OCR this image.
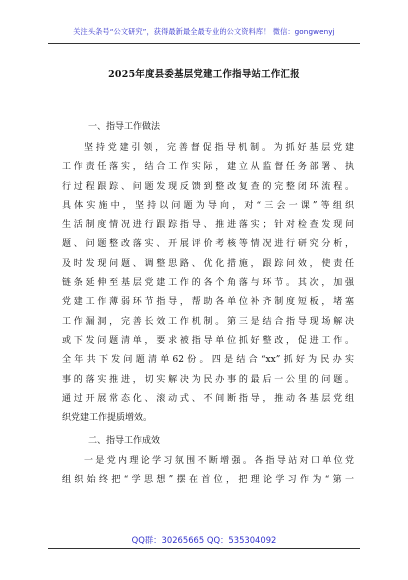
关注头条号“公文研究”，获得最新最全最专业的公文资料库！ 微信：gongwenyj
2025年度县委基层党建工作指导站工作汇报
一、指导工作做法
坚持党建引领，完善督促指导机制。为抓好基层党建
工作责任落实，结合工作实际，建立从监督任务部署、执
行过程跟踪、问题发现反馈到整改复查的完整闭环流程。
具体实施中，坚持以问题为导向，对“三会一课”等组织
生活制度情况进行跟踪指导、推进落实；针对检查发现问
题、问题整改落实、开展评价考核等情况进行研究分析，
及时发现问题、调整思路、优化措施，跟踪问效，使责任
链条延伸至基层党建工作的各个角落与环节。其次，加强
党建工作薄弱环节指导，帮助各单位补齐制度短板，堵塞
工作漏洞，完善长效工作机制。第三是结合指导现场解决
或下发问题清单，要求被指导单位抓好整改，促进工作。
全年共下发问题清单62份。四是结合“xx”抓好为民办实
事的落实推进，切实解决为民办事的最后一公里的问题。
通过开展常态化、滚动式、不间断指导，推动各基层党组
织党建工作提质增效。
二、指导工作成效
一是党内理论学习氛围不断增强。各指导站对口单位党
组织始终把“学思想”摆在首位，把理论学习作为“第一
QQ群：30265665 QQ：535304092
